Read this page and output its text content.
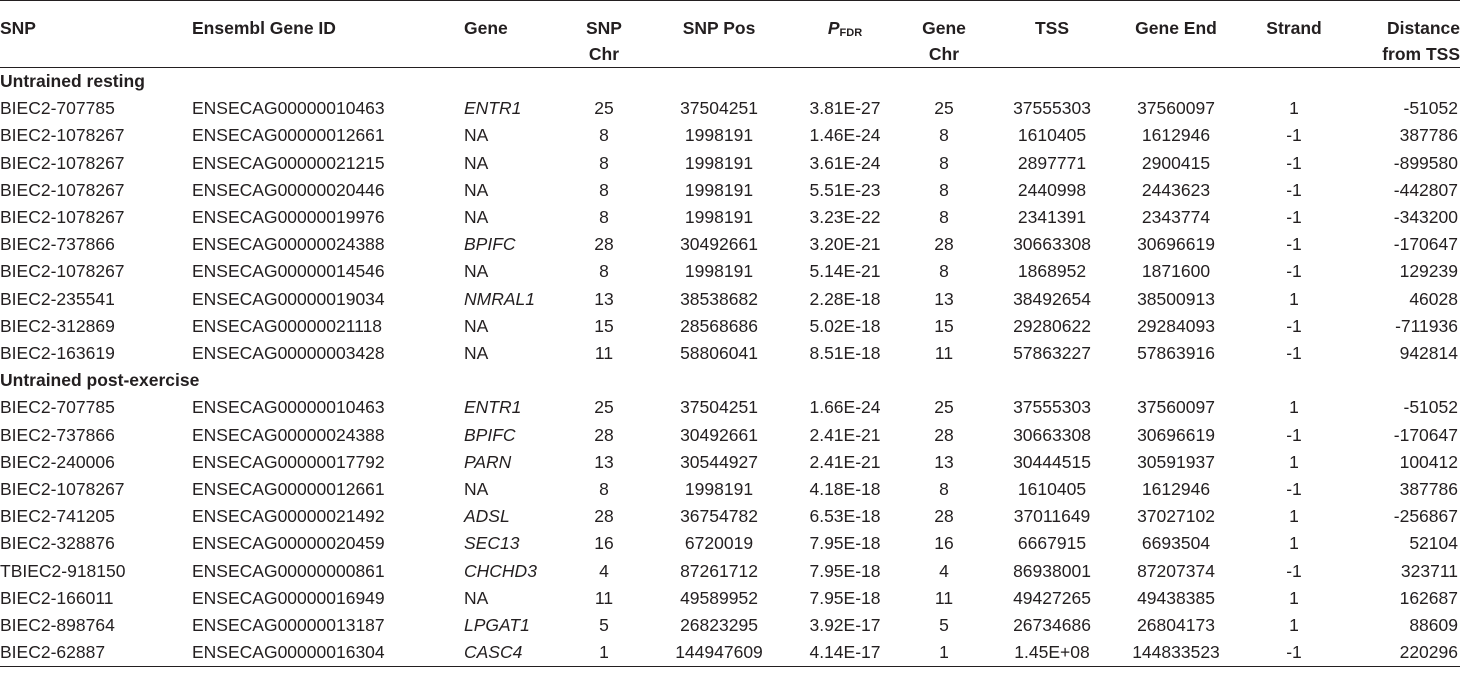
SNP	Ensembl Gene ID	Gene	SNP Chr	SNP Pos	$P_{FDR}$	Gene Chr	TSS	Gene End	Strand	Distance from TSS

Untrained resting										
BIEC2-707785	ENSECAG00000010463	ENTR1	25	37504251	3.81E-27	25	37555303	37560097	1	-51052
BIEC2-1078267	ENSECAG00000012661	NA	8	1998191	1.46E-24	8	1610405	1612946	-1	387786
BIEC2-1078267	ENSECAG00000021215	NA	8	1998191	3.61E-24	8	2897771	2900415	-1	-899580
BIEC2-1078267	ENSECAG00000020446	NA	8	1998191	5.51E-23	8	2440998	2443623	-1	-442807
BIEC2-1078267	ENSECAG00000019976	NA	8	1998191	3.23E-22	8	2341391	2343774	-1	-343200
BIEC2-737866	ENSECAG00000024388	BPIFC	28	30492661	3.20E-21	28	30663308	30696619	-1	-170647
BIEC2-1078267	ENSECAG00000014546	NA	8	1998191	5.14E-21	8	1868952	1871600	-1	129239
BIEC2-235541	ENSECAG00000019034	NMRAL1	13	38538682	2.28E-18	13	38492654	38500913	1	46028
BIEC2-312869	ENSECAG00000021118	NA	15	28568686	5.02E-18	15	29280622	29284093	-1	-711936
BIEC2-163619	ENSECAG00000003428	NA	11	58806041	8.51E-18	11	57863227	57863916	-1	942814
Untrained post-exercise										
BIEC2-707785	ENSECAG00000010463	ENTR1	25	37504251	1.66E-24	25	37555303	37560097	1	-51052
BIEC2-737866	ENSECAG00000024388	BPIFC	28	30492661	2.41E-21	28	30663308	30696619	-1	-170647
BIEC2-240006	ENSECAG00000017792	PARN	13	30544927	2.41E-21	13	30444515	30591937	1	100412
BIEC2-1078267	ENSECAG00000012661	NA	8	1998191	4.18E-18	8	1610405	1612946	-1	387786
BIEC2-741205	ENSECAG00000021492	ADSL	28	36754782	6.53E-18	28	37011649	37027102	1	-256867
BIEC2-328876	ENSECAG00000020459	SEC13	16	6720019	7.95E-18	16	6667915	6693504	1	52104
TBIEC2-918150	ENSECAG00000000861	CHCHD3	4	87261712	7.95E-18	4	86938001	87207374	-1	323711
BIEC2-166011	ENSECAG00000016949	NA	11	49589952	7.95E-18	11	49427265	49438385	1	162687
BIEC2-898764	ENSECAG00000013187	LPGAT1	5	26823295	3.92E-17	5	26734686	26804173	1	88609
BIEC2-62887	ENSECAG00000016304	CASC4	1	144947609	4.14E-17	1	1.45E+08	144833523	-1	220296
